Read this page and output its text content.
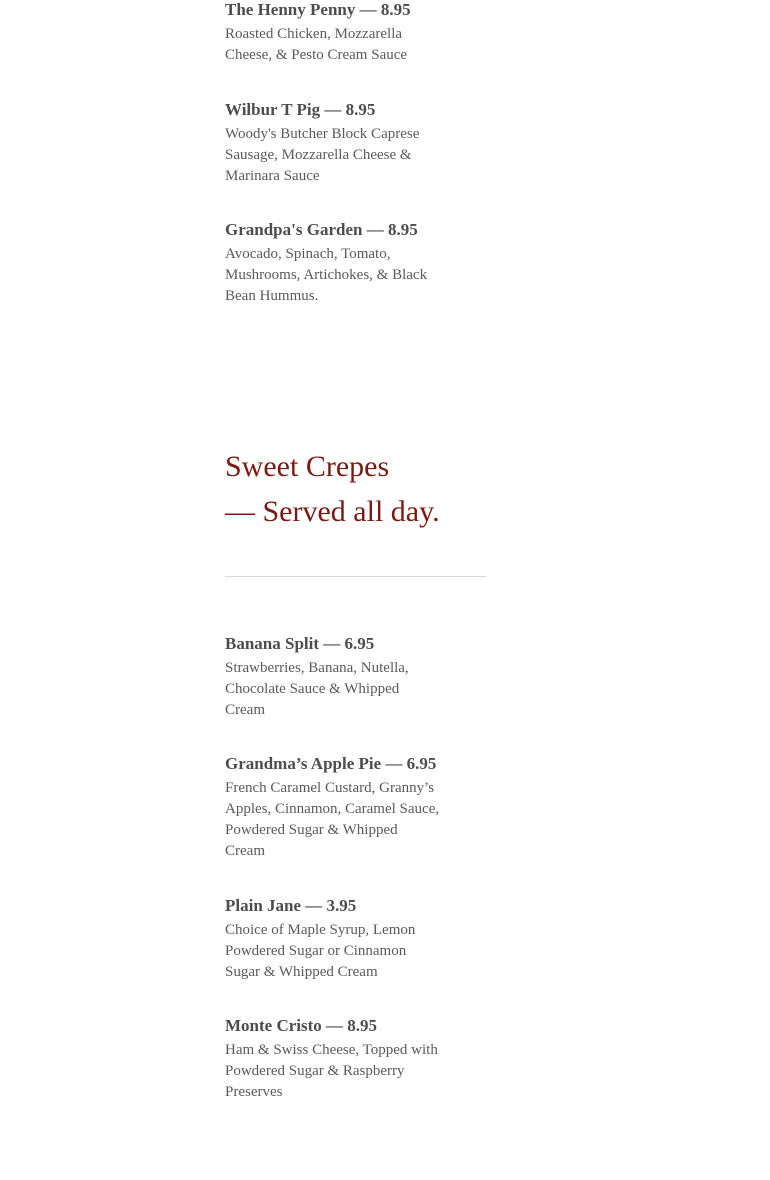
The Henny Penny — 8.95

Roasted Chicken, Mozzarella Cheese, & Pesto Cream Sauce

Wilbur T Pig — 8.95

Woody's Butcher Block Caprese Sausage, Mozzarella Cheese & Marinara Sauce

Grandpa's Garden — 8.95

Avocado, Spinach, Tomato, Mushrooms, Artichokes, & Black Bean Hummus.

Sweet Crepes
— Served all day.

Banana Split — 6.95

Strawberries, Banana, Nutella, Chocolate Sauce & Whipped Cream

Grandma’s Apple Pie — 6.95

French Caramel Custard, Granny’s Apples, Cinnamon, Caramel Sauce, Powdered Sugar & Whipped Cream

Plain Jane — 3.95

Choice of Maple Syrup, Lemon Powdered Sugar or Cinnamon Sugar & Whipped Cream

Monte Cristo — 8.95

Ham & Swiss Cheese, Topped with Powdered Sugar & Raspberry Preserves
